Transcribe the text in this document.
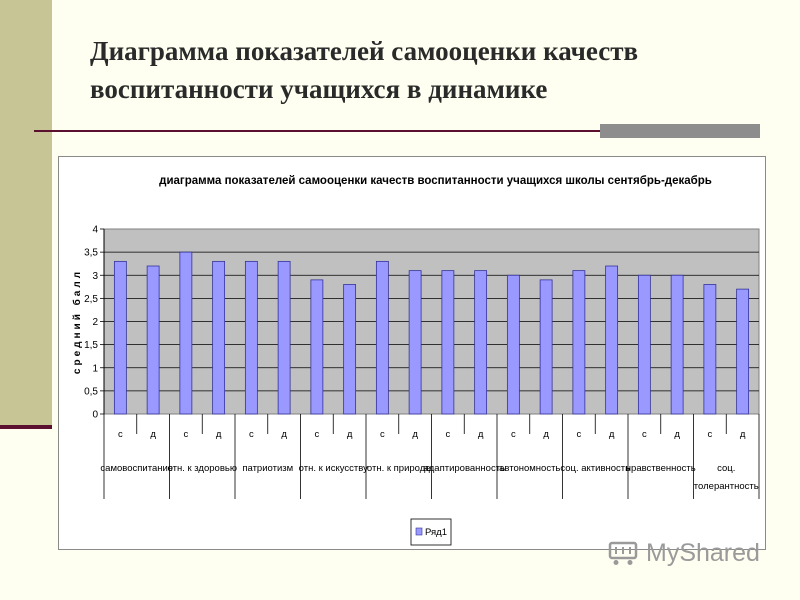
Диаграмма показателей самооценки качеств
воспитанности учащихся в динамике
диаграмма показателей самооценки качеств воспитанности учащихся школы сентябрь-декабрь
0
0,5
1
1,5
2
2,5
3
3,5
4
средний балл
с	д	с	д	с	д	с	д	с	д	с	д	с	д	с	д	с	д	с	д
самовоспитание
отн. к здоровью патриотизм отн. к искусству отн. к природе
адаптированность
автономность соц. активность
нравственность	соц. толерантность
Ряд1
MyShared
